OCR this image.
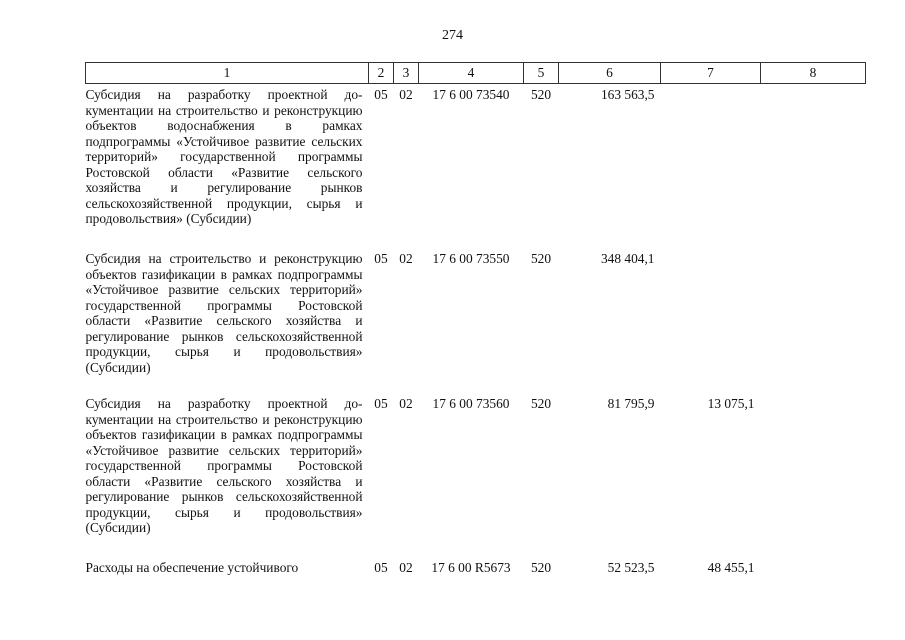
274
1	2	3	4	5	6	7	8
Субсидия на разработку проектной документации на строительство и реконструкцию объектов водоснабжения в рамках подпрограммы «Устойчивое развитие сельских территорий» государственной программы Ростовской области «Развитие сельского хозяйства и регулирование рынков сельскохозяйственной продукции, сырья и продовольствия» (Субсидии)	05	02	17 6 00 73540	520	163 563,5		
Субсидия на строительство и реконструкцию объектов газификации в рамках подпрограммы «Устойчивое развитие сельских территорий» государственной программы Ростовской области «Развитие сельского хозяйства и регулирование рынков сельскохозяйственной продукции, сырья и продовольствия» (Субсидии)	05	02	17 6 00 73550	520	348 404,1		
Субсидия на разработку проектной документации на строительство и реконструкцию объектов газификации в рамках подпрограммы «Устойчивое развитие сельских территорий» государственной программы Ростовской области «Развитие сельского хозяйства и регулирование рынков сельскохозяйственной продукции, сырья и продовольствия» (Субсидии)	05	02	17 6 00 73560	520	81 795,9	13 075,1	
Расходы на обеспечение устойчивого	05	02	17 6 00 R5673	520	52 523,5	48 455,1	
